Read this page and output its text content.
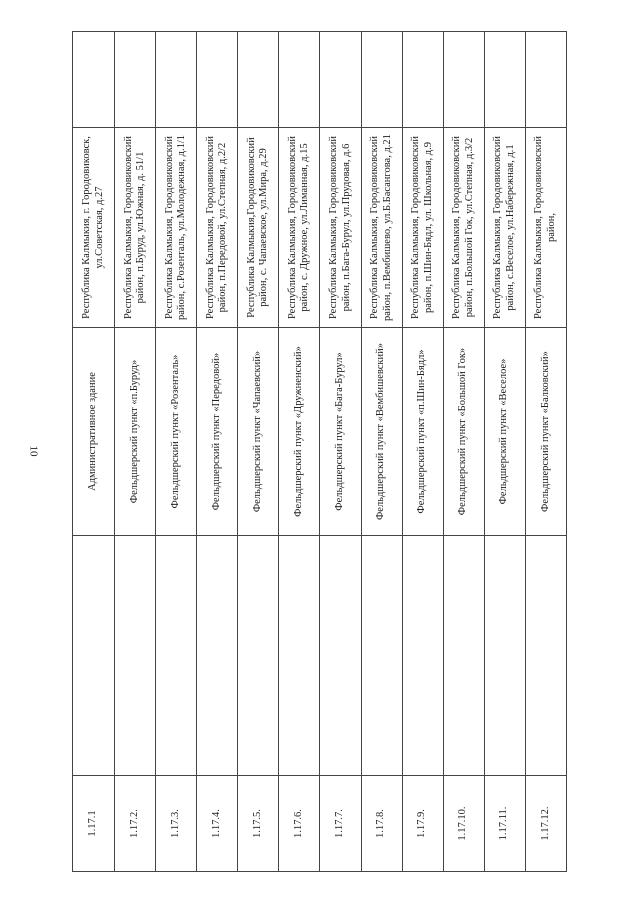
10
1.17.1		Административное здание	Республика Калмыкия, г. Городовиковск, ул.Советская, д.27	
1.17.2.		Фельдшерский пункт «п.Буруд»	Республика Калмыкия, Городовиковский район, п.Буруд, ул.Южная, д. 51/1	
1.17.3.		Фельдшерский пункт «Розенталь»	Республика Калмыкия, Городовиковский район, с.Розенталь, ул.Молодежная, д.1/1	
1.17.4.		Фельдшерский пункт «Передовой»	Республика Калмыкия, Городовиковский район, п.Передовой, ул.Степная, д.2/2	
1.17.5.		Фельдшерский пункт «Чапаевский»	Республика Калмыкия,Городовиковский район, с. Чапаевское, ул.Мира, д.29	
1.17.6.		Фельдшерский пункт «Дружненский»	Республика Калмыкия, Городовиковский район, с. Дружное, ул.Лиманная, д.15	
1.17.7.		Фельдшерский пункт «Бага-Бурул»	Республика Калмыкия, Городовиковский район, п.Бага-Бурул, ул.Прудовая, д.6	
1.17.8.		Фельдшерский пункт «Вембишевский»	Республика Калмыкия, Городовиковский район, п.Вембишево, ул.Б.Басангова, д.21	
1.17.9.		Фельдшерский пункт «п.Шин-Бядл»	Республика Калмыкия, Городовиковский район, п.Шин-Бядл, ул. Школьная, д.9	
1.17.10.		Фельдшерский пункт «Большой Гок»	Республика Калмыкия, Городовиковский район, п.Большой Гок, ул.Степная, д.3/2	
1.17.11.		Фельдшерский пункт «Веселое»	Республика Калмыкия, Городовиковский район, с.Веселое, ул.Набережная, д.1	
1.17.12.		Фельдшерский пункт «Балковский»	Республика Калмыкия, Городовиковский район,	
